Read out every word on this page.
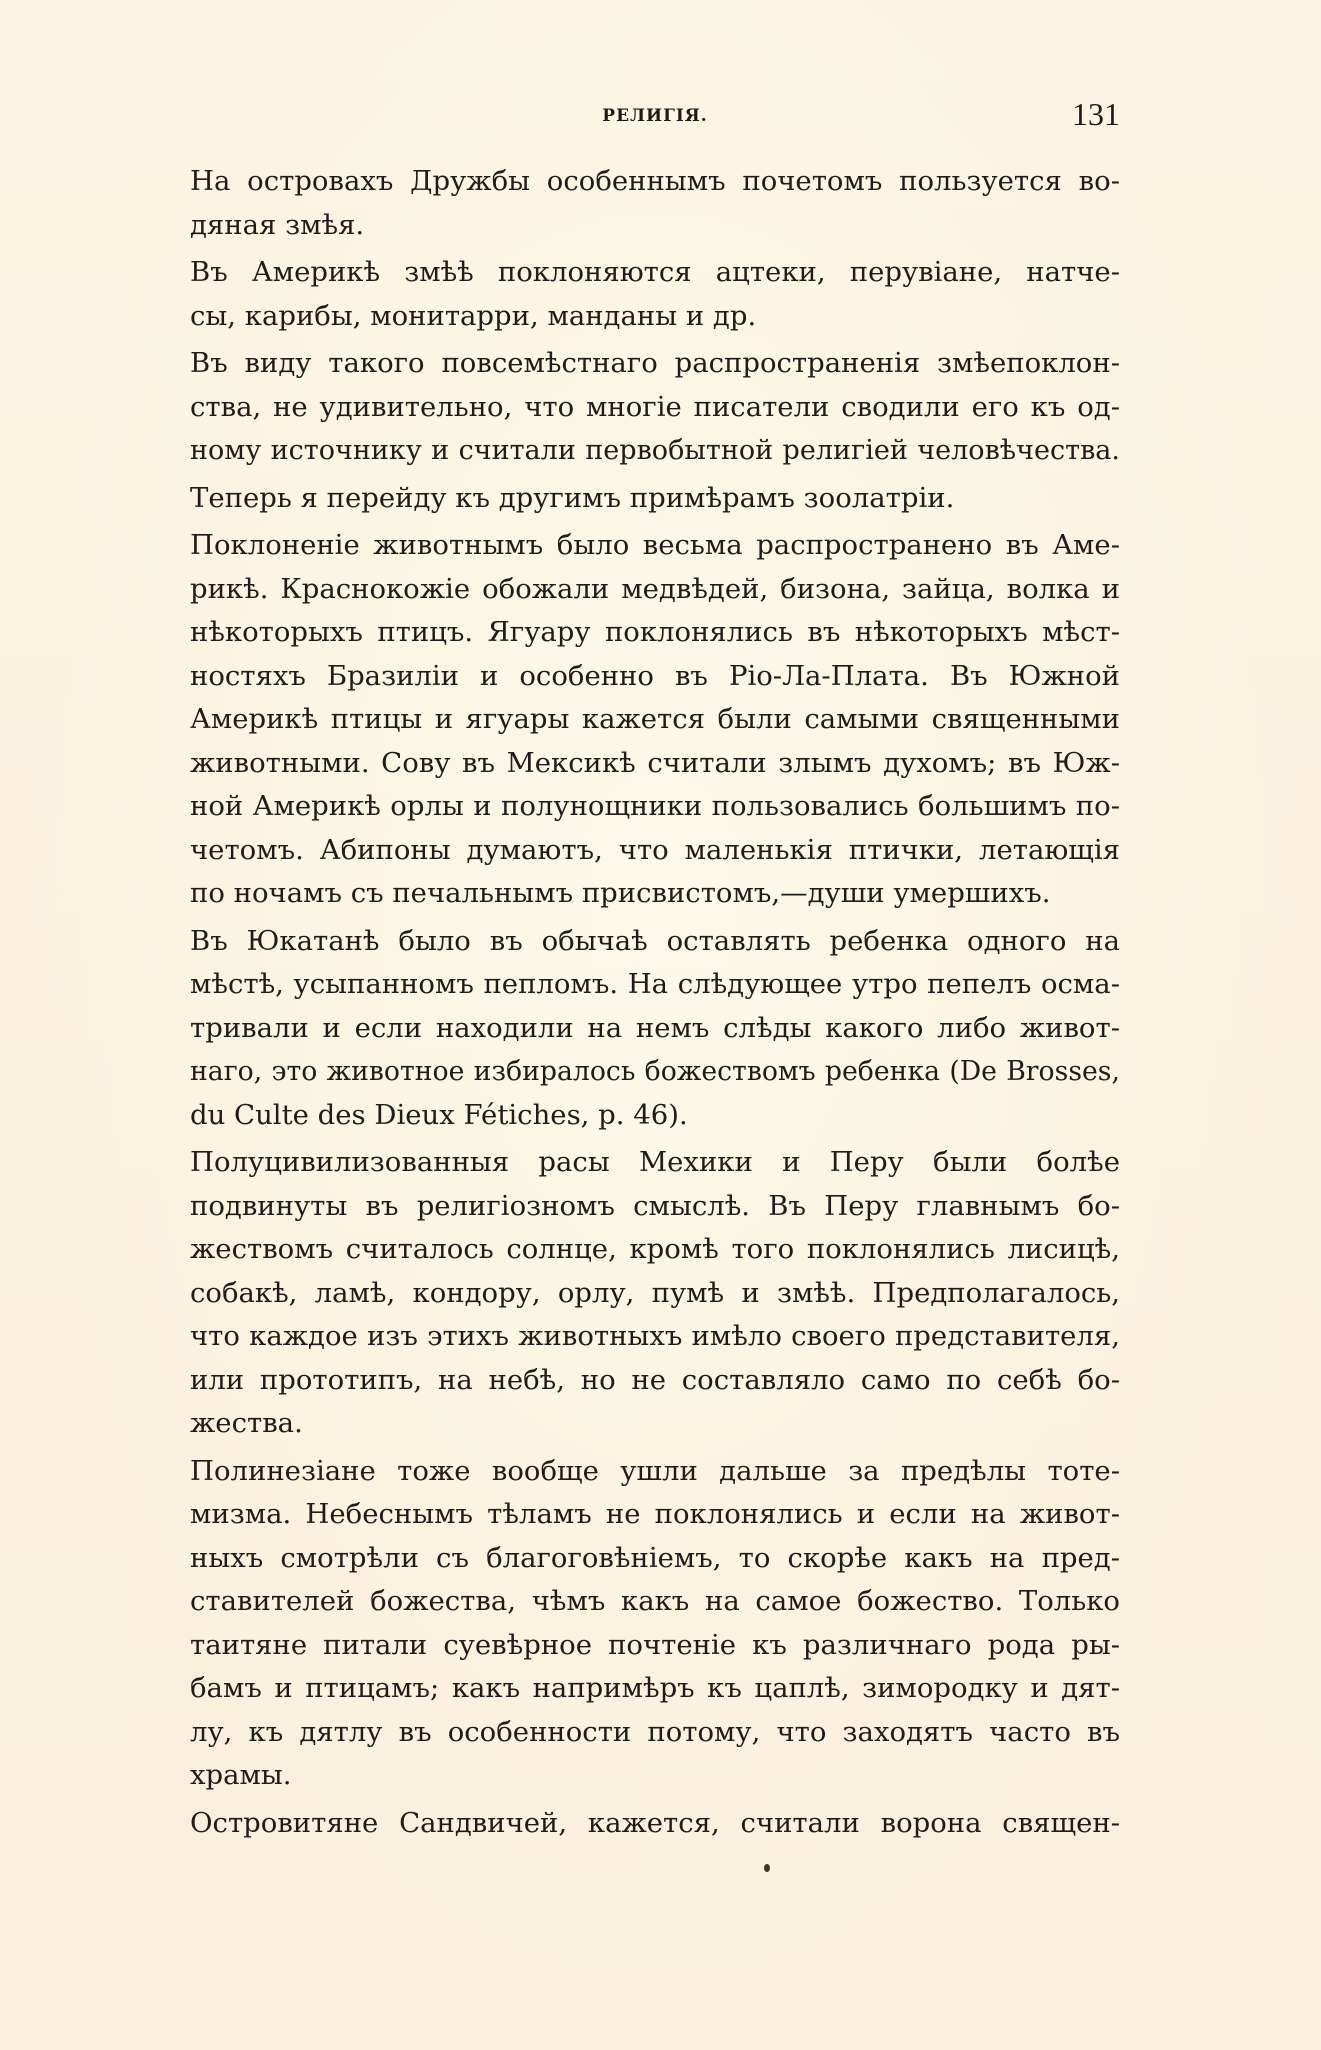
РЕЛИГІЯ.	131

На островахъ Дружбы особеннымъ почетомъ пользуется во-
дяная змѣя.

Въ Америкѣ змѣѣ поклоняются ацтеки, перувіане, натче-
сы, карибы, монитарри, манданы и др.

Въ виду такого повсемѣстнаго распространенія змѣепоклон-
ства, не удивительно, что многіе писатели сводили его къ од-
ному источнику и считали первобытной религіей человѣчества.

Теперь я перейду къ другимъ примѣрамъ зоолатріи.

Поклоненіе животнымъ было весьма распространено въ Аме-
рикѣ. Краснокожіе обожали медвѣдей, бизона, зайца, волка и
нѣкоторыхъ птицъ. Ягуару поклонялись въ нѣкоторыхъ мѣст-
ностяхъ Бразиліи и особенно въ Ріо-Ла-Плата. Въ Южной
Америкѣ птицы и ягуары кажется были самыми священными
животными. Сову въ Мексикѣ считали злымъ духомъ; въ Юж-
ной Америкѣ орлы и полунощники пользовались большимъ по-
четомъ. Абипоны думаютъ, что маленькія птички, летающія
по ночамъ съ печальнымъ присвистомъ,—души умершихъ.

Въ Юкатанѣ было въ обычаѣ оставлять ребенка одного на
мѣстѣ, усыпанномъ пепломъ. На слѣдующее утро пепелъ осма-
тривали и если находили на немъ слѣды какого либо живот-
наго, это животное избиралось божествомъ ребенка (De Brosses,
du Culte des Dieux Fétiches, p. 46).

Полуцивилизованныя расы Мехики и Перу были болѣе
подвинуты въ религіозномъ смыслѣ. Въ Перу главнымъ бо-
жествомъ считалось солнце, кромѣ того поклонялись лисицѣ,
собакѣ, ламѣ, кондору, орлу, пумѣ и змѣѣ. Предполагалось,
что каждое изъ этихъ животныхъ имѣло своего представителя,
или прототипъ, на небѣ, но не составляло само по себѣ бо-
жества.

Полинезіане тоже вообще ушли дальше за предѣлы тоте-
мизма. Небеснымъ тѣламъ не поклонялись и если на живот-
ныхъ смотрѣли съ благоговѣніемъ, то скорѣе какъ на пред-
ставителей божества, чѣмъ какъ на самое божество. Только
таитяне питали суевѣрное почтеніе къ различнаго рода ры-
бамъ и птицамъ; какъ напримѣръ къ цаплѣ, зимородку и дят-
лу, къ дятлу въ особенности потому, что заходятъ часто въ
храмы.

Островитяне Сандвичей, кажется, считали ворона священ-
